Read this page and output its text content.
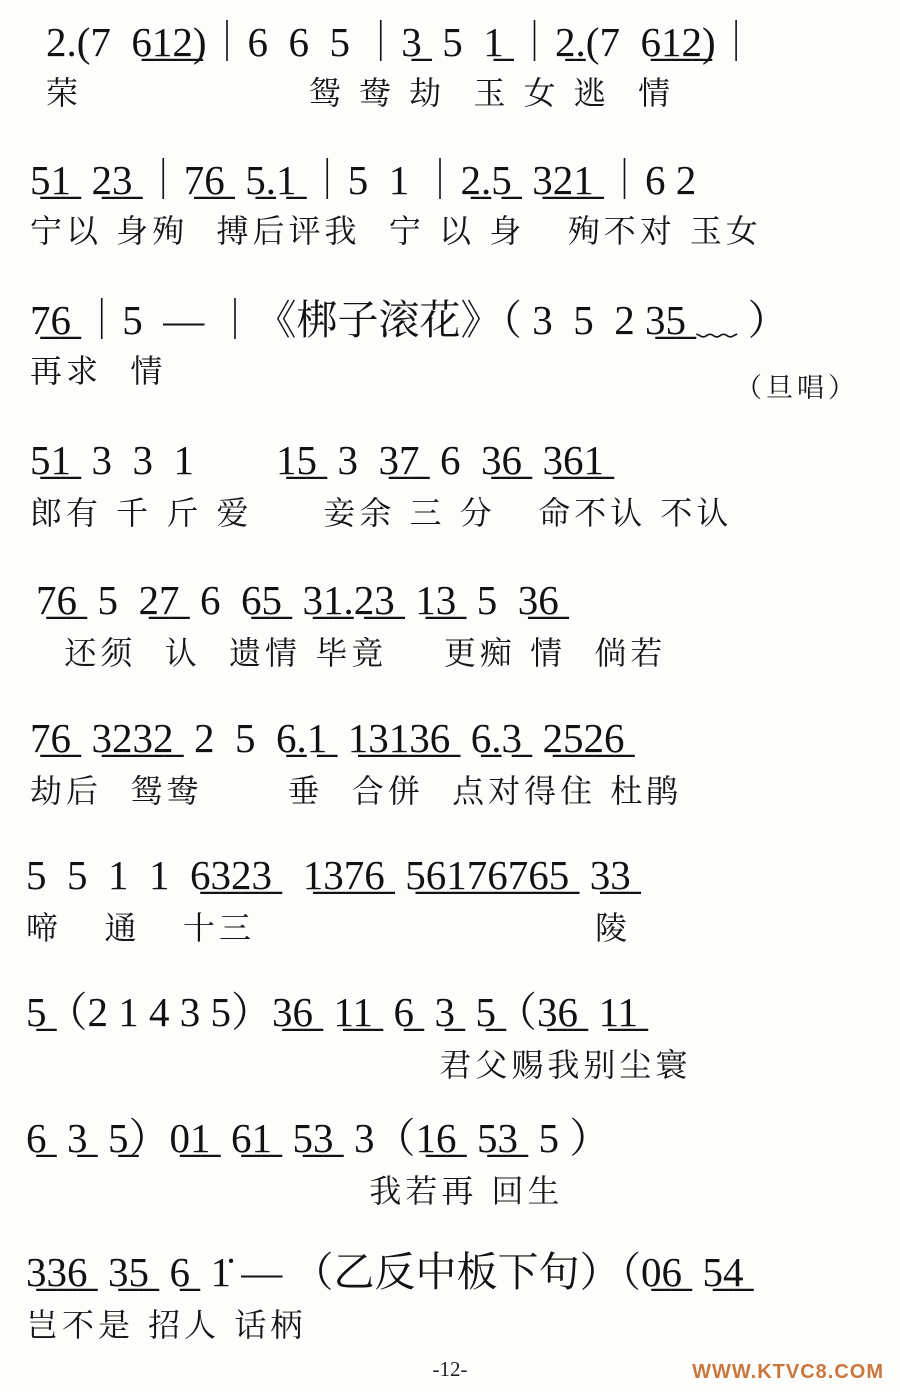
2.(7  6̲1̲2̲)｜6  6  5 ｜3̲  5  1̲ ｜2̲.(7  6̲1̲2̲)｜
荣                鸳 鸯 劫  玉 女 逃  情
5̲1̲  2̲3̲ ｜7̲6̲  5̲.1̲ ｜5  1 ｜2̲.5̲  3̲2̲1̲ ｜6 2
宁以 身殉  搏后评我  宁 以 身   殉不对 玉女
7̲6̲ ｜5  — ｜《梆子滚花》（ 3  5  2 3̲5̲ ﹏ ）
再求  情	（旦唱）
5̲1̲  3  3  1        1̲5̲  3  3̲7̲  6  3̲6̲  3̲6̲1̲
郎有 千 斤 爱     妾余 三 分   命不认 不认
7̲6̲  5  2̲7̲  6  6̲5̲  3̲1̲.2̲3̲  1̲3̲  5  3̲6̲
还须  认  遗情 毕竟    更痴 情  倘若
7̲6̲  3̲2̲3̲2̲  2  5  6̲.1̲  1̲3̲1̲3̲6̲  6̲.3̲  2̲5̲2̲6̲
劫后  鸳鸯      垂  合併  点对得住 杜鹃
5  5  1  1  6̲3̲2̲3̲   1̲3̲7̲6̲  5̲6̲1̲7̲6̲7̲6̲5̲  3̲3̲
啼   通   十三                        陵
5̲（2 1 4 3 5）3̲6̲  1̲1̲  6̲  3̲  5̲（3̲6̲  1̲1̲
君父赐我别尘寰
6̲  3̲  5̲）0̲1̲  6̲1̲  5̲3̲  3（1̲6̲  5̲3̲  5 ）
我若再 回生
3̲3̲6̲  3̲5̲  6̲  1̇ — （乙反中板下句）（0̲6̲  5̲4̲
岂不是 招人 话柄
-12-	WWW.KTVC8.COM
